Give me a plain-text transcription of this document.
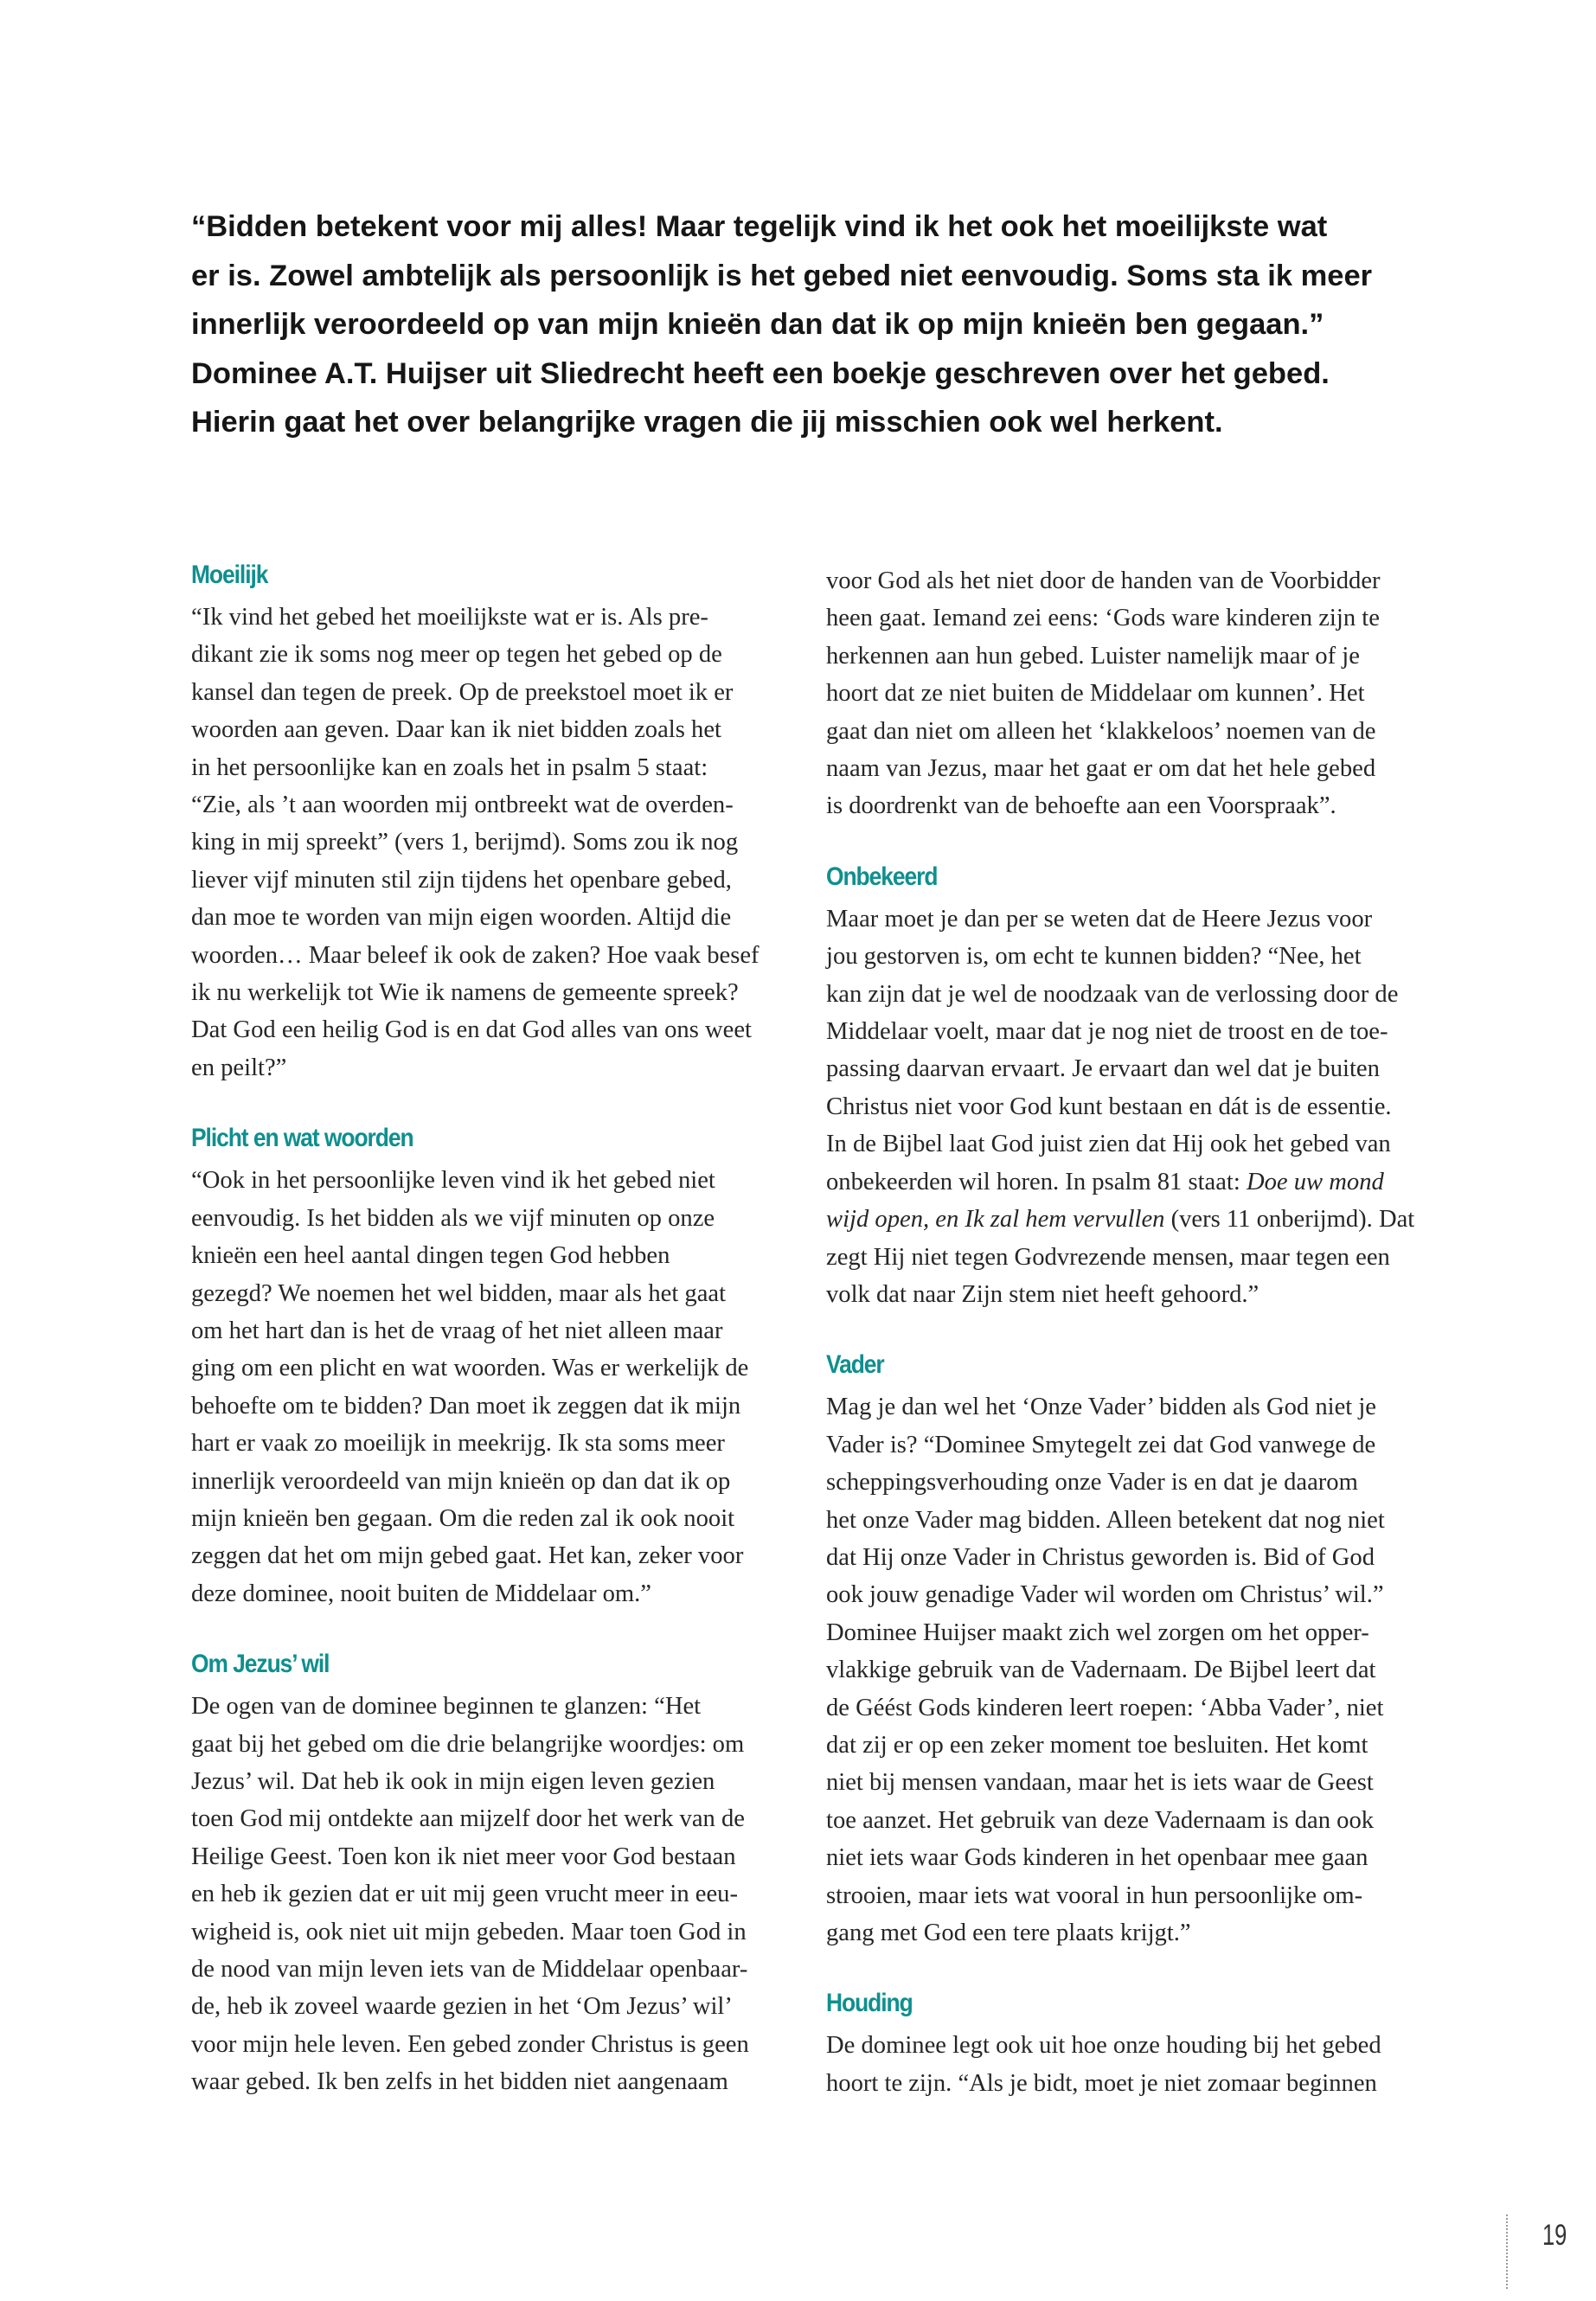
“Bidden betekent voor mij alles! Maar tegelijk vind ik het ook het moeilijkste wat
er is. Zowel ambtelijk als persoonlijk is het gebed niet eenvoudig. Soms sta ik meer
innerlijk veroordeeld op van mijn knieën dan dat ik op mijn knieën ben gegaan.”
Dominee A.T. Huijser uit Sliedrecht heeft een boekje geschreven over het gebed.
Hierin gaat het over belangrijke vragen die jij misschien ook wel herkent.
Moeilijk

“Ik vind het gebed het moeilijkste wat er is. Als pre-
dikant zie ik soms nog meer op tegen het gebed op de
kansel dan tegen de preek. Op de preekstoel moet ik er
woorden aan geven. Daar kan ik niet bidden zoals het
in het persoonlijke kan en zoals het in psalm 5 staat:
“Zie, als ’t aan woorden mij ontbreekt wat de overden-
king in mij spreekt” (vers 1, berijmd). Soms zou ik nog
liever vijf minuten stil zijn tijdens het openbare gebed,
dan moe te worden van mijn eigen woorden. Altijd die
woorden… Maar beleef ik ook de zaken? Hoe vaak besef
ik nu werkelijk tot Wie ik namens de gemeente spreek?
Dat God een heilig God is en dat God alles van ons weet
en peilt?”

Plicht en wat woorden

“Ook in het persoonlijke leven vind ik het gebed niet
eenvoudig. Is het bidden als we vijf minuten op onze
knieën een heel aantal dingen tegen God hebben
gezegd? We noemen het wel bidden, maar als het gaat
om het hart dan is het de vraag of het niet alleen maar
ging om een plicht en wat woorden. Was er werkelijk de
behoefte om te bidden? Dan moet ik zeggen dat ik mijn
hart er vaak zo moeilijk in meekrijg. Ik sta soms meer
innerlijk veroordeeld van mijn knieën op dan dat ik op
mijn knieën ben gegaan. Om die reden zal ik ook nooit
zeggen dat het om mijn gebed gaat. Het kan, zeker voor
deze dominee, nooit buiten de Middelaar om.”

Om Jezus’ wil

De ogen van de dominee beginnen te glanzen: “Het
gaat bij het gebed om die drie belangrijke woordjes: om
Jezus’ wil. Dat heb ik ook in mijn eigen leven gezien
toen God mij ontdekte aan mijzelf door het werk van de
Heilige Geest. Toen kon ik niet meer voor God bestaan
en heb ik gezien dat er uit mij geen vrucht meer in eeu-
wigheid is, ook niet uit mijn gebeden. Maar toen God in
de nood van mijn leven iets van de Middelaar openbaar-
de, heb ik zoveel waarde gezien in het ‘Om Jezus’ wil’
voor mijn hele leven. Een gebed zonder Christus is geen
waar gebed. Ik ben zelfs in het bidden niet aangenaam

voor God als het niet door de handen van de Voorbidder
heen gaat. Iemand zei eens: ‘Gods ware kinderen zijn te
herkennen aan hun gebed. Luister namelijk maar of je
hoort dat ze niet buiten de Middelaar om kunnen’. Het
gaat dan niet om alleen het ‘klakkeloos’ noemen van de
naam van Jezus, maar het gaat er om dat het hele gebed
is doordrenkt van de behoefte aan een Voorspraak”.

Onbekeerd

Maar moet je dan per se weten dat de Heere Jezus voor
jou gestorven is, om echt te kunnen bidden? “Nee, het
kan zijn dat je wel de noodzaak van de verlossing door de
Middelaar voelt, maar dat je nog niet de troost en de toe-
passing daarvan ervaart. Je ervaart dan wel dat je buiten
Christus niet voor God kunt bestaan en dát is de essentie.
In de Bijbel laat God juist zien dat Hij ook het gebed van
onbekeerden wil horen. In psalm 81 staat: Doe uw mond
wijd open, en Ik zal hem vervullen (vers 11 onberijmd). Dat
zegt Hij niet tegen Godvrezende mensen, maar tegen een
volk dat naar Zijn stem niet heeft gehoord.”

Vader

Mag je dan wel het ‘Onze Vader’ bidden als God niet je
Vader is? “Dominee Smytegelt zei dat God vanwege de
scheppingsverhouding onze Vader is en dat je daarom
het onze Vader mag bidden. Alleen betekent dat nog niet
dat Hij onze Vader in Christus geworden is. Bid of God
ook jouw genadige Vader wil worden om Christus’ wil.”
Dominee Huijser maakt zich wel zorgen om het opper-
vlakkige gebruik van de Vadernaam. De Bijbel leert dat
de Géést Gods kinderen leert roepen: ‘Abba Vader’, niet
dat zij er op een zeker moment toe besluiten. Het komt
niet bij mensen vandaan, maar het is iets waar de Geest
toe aanzet. Het gebruik van deze Vadernaam is dan ook
niet iets waar Gods kinderen in het openbaar mee gaan
strooien, maar iets wat vooral in hun persoonlijke om-
gang met God een tere plaats krijgt.”

Houding

De dominee legt ook uit hoe onze houding bij het gebed
hoort te zijn. “Als je bidt, moet je niet zomaar beginnen

19
